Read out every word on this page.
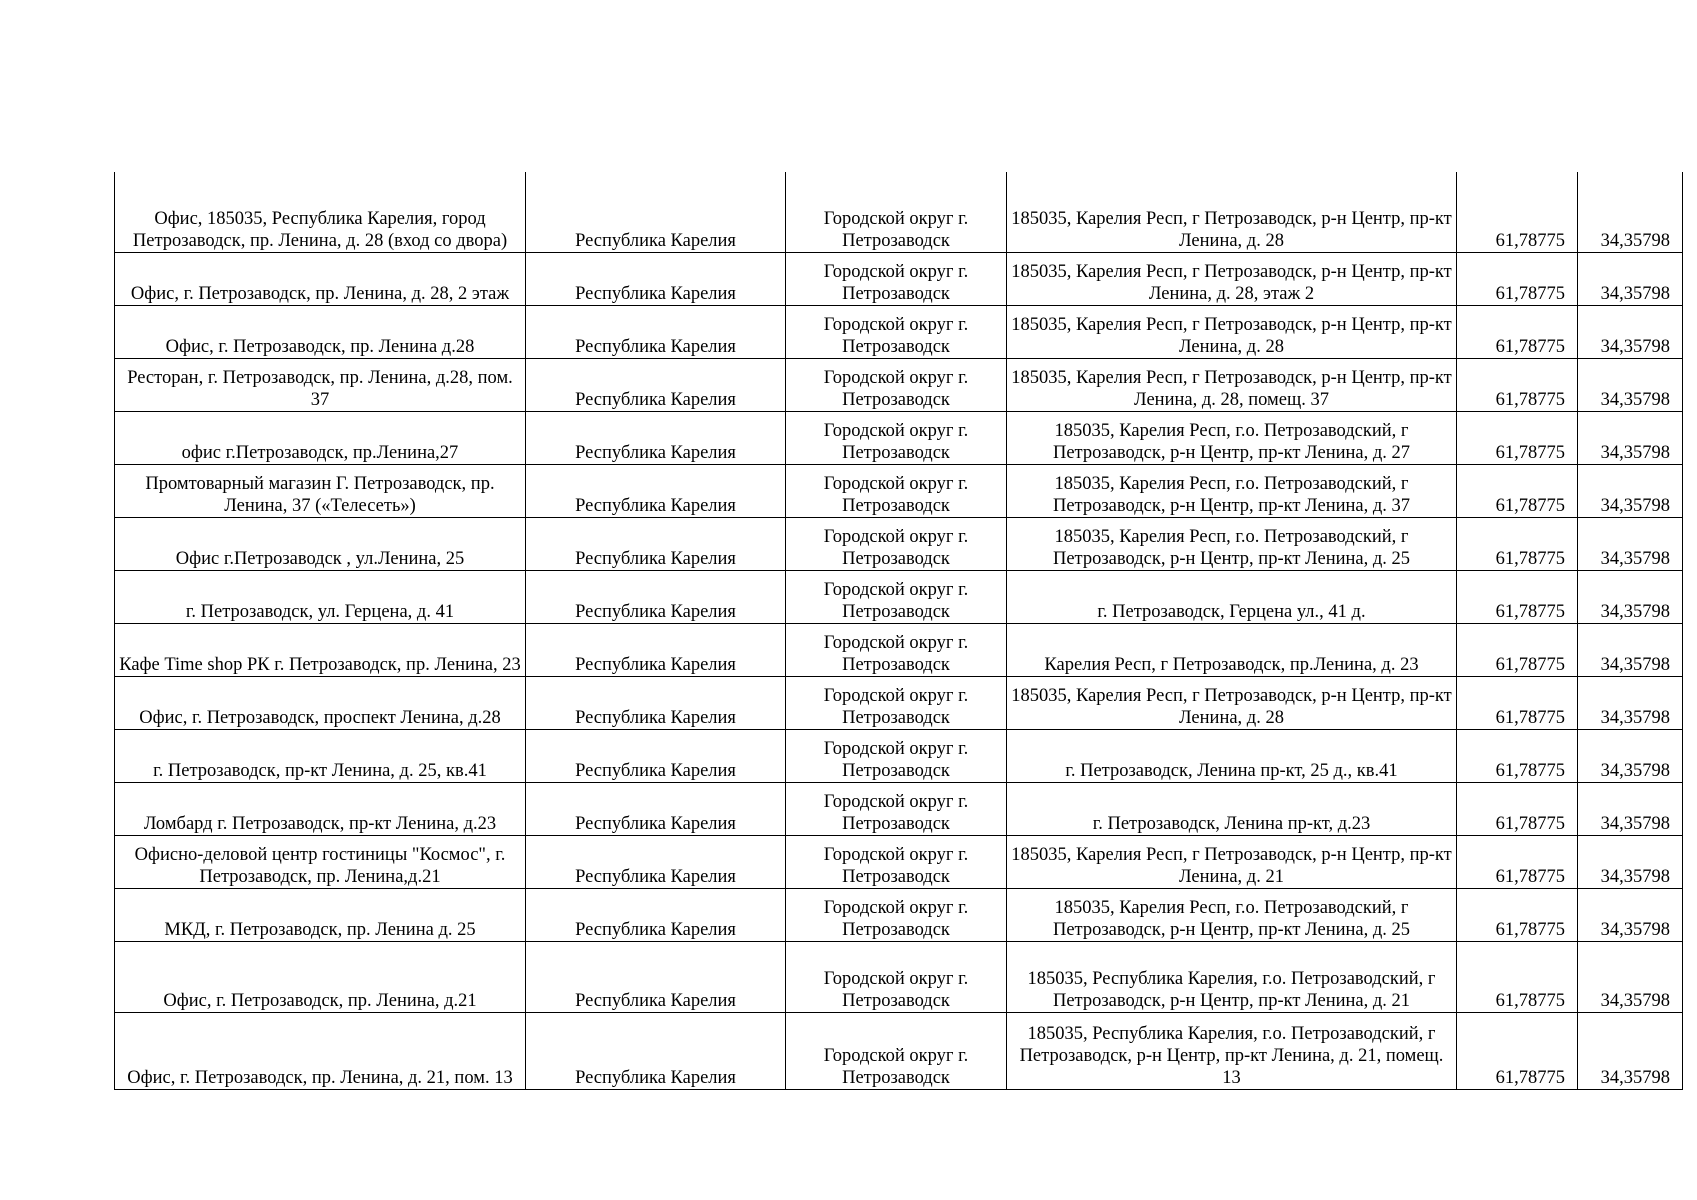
Офис, 185035, Республика Карелия, город Петрозаводск, пр. Ленина, д. 28 (вход со двора)	Республика Карелия	Городской округ г. Петрозаводск	185035, Карелия Респ, г Петрозаводск, р-н Центр, пр-кт Ленина, д. 28	61,78775	34,35798
Офис, г. Петрозаводск, пр. Ленина, д. 28, 2 этаж	Республика Карелия	Городской округ г. Петрозаводск	185035, Карелия Респ, г Петрозаводск, р-н Центр, пр-кт Ленина, д. 28, этаж 2	61,78775	34,35798
Офис, г. Петрозаводск, пр. Ленина д.28	Республика Карелия	Городской округ г. Петрозаводск	185035, Карелия Респ, г Петрозаводск, р-н Центр, пр-кт Ленина, д. 28	61,78775	34,35798
Ресторан, г. Петрозаводск, пр. Ленина, д.28, пом. 37	Республика Карелия	Городской округ г. Петрозаводск	185035, Карелия Респ, г Петрозаводск, р-н Центр, пр-кт Ленина, д. 28, помещ. 37	61,78775	34,35798
офис г.Петрозаводск, пр.Ленина,27	Республика Карелия	Городской округ г. Петрозаводск	185035, Карелия Респ, г.о. Петрозаводский, г Петрозаводск, р-н Центр, пр-кт Ленина, д. 27	61,78775	34,35798
Промтоварный магазин Г. Петрозаводск, пр. Ленина, 37 («Телесеть»)	Республика Карелия	Городской округ г. Петрозаводск	185035, Карелия Респ, г.о. Петрозаводский, г Петрозаводск, р-н Центр, пр-кт Ленина, д. 37	61,78775	34,35798
Офис г.Петрозаводск , ул.Ленина, 25	Республика Карелия	Городской округ г. Петрозаводск	185035, Карелия Респ, г.о. Петрозаводский, г Петрозаводск, р-н Центр, пр-кт Ленина, д. 25	61,78775	34,35798
г. Петрозаводск, ул. Герцена, д. 41	Республика Карелия	Городской округ г. Петрозаводск	г. Петрозаводск, Герцена ул., 41 д.	61,78775	34,35798
Кафе Time shop РК г. Петрозаводск, пр. Ленина, 23	Республика Карелия	Городской округ г. Петрозаводск	Карелия Респ, г Петрозаводск, пр.Ленина, д. 23	61,78775	34,35798
Офис, г. Петрозаводск, проспект Ленина, д.28	Республика Карелия	Городской округ г. Петрозаводск	185035, Карелия Респ, г Петрозаводск, р-н Центр, пр-кт Ленина, д. 28	61,78775	34,35798
г. Петрозаводск, пр-кт Ленина, д. 25, кв.41	Республика Карелия	Городской округ г. Петрозаводск	г. Петрозаводск, Ленина пр-кт, 25 д., кв.41	61,78775	34,35798
Ломбард г. Петрозаводск, пр-кт Ленина, д.23	Республика Карелия	Городской округ г. Петрозаводск	г. Петрозаводск, Ленина пр-кт, д.23	61,78775	34,35798
Офисно-деловой центр гостиницы "Космос", г. Петрозаводск, пр. Ленина,д.21	Республика Карелия	Городской округ г. Петрозаводск	185035, Карелия Респ, г Петрозаводск, р-н Центр, пр-кт Ленина, д. 21	61,78775	34,35798
МКД, г. Петрозаводск, пр. Ленина д. 25	Республика Карелия	Городской округ г. Петрозаводск	185035, Карелия Респ, г.о. Петрозаводский, г Петрозаводск, р-н Центр, пр-кт Ленина, д. 25	61,78775	34,35798
Офис, г. Петрозаводск, пр. Ленина, д.21	Республика Карелия	Городской округ г. Петрозаводск	185035, Республика Карелия, г.о. Петрозаводский, г Петрозаводск, р-н Центр, пр-кт Ленина, д. 21	61,78775	34,35798
Офис, г. Петрозаводск, пр. Ленина, д. 21, пом. 13	Республика Карелия	Городской округ г. Петрозаводск	185035, Республика Карелия, г.о. Петрозаводский, г Петрозаводск, р-н Центр, пр-кт Ленина, д. 21, помещ. 13	61,78775	34,35798
